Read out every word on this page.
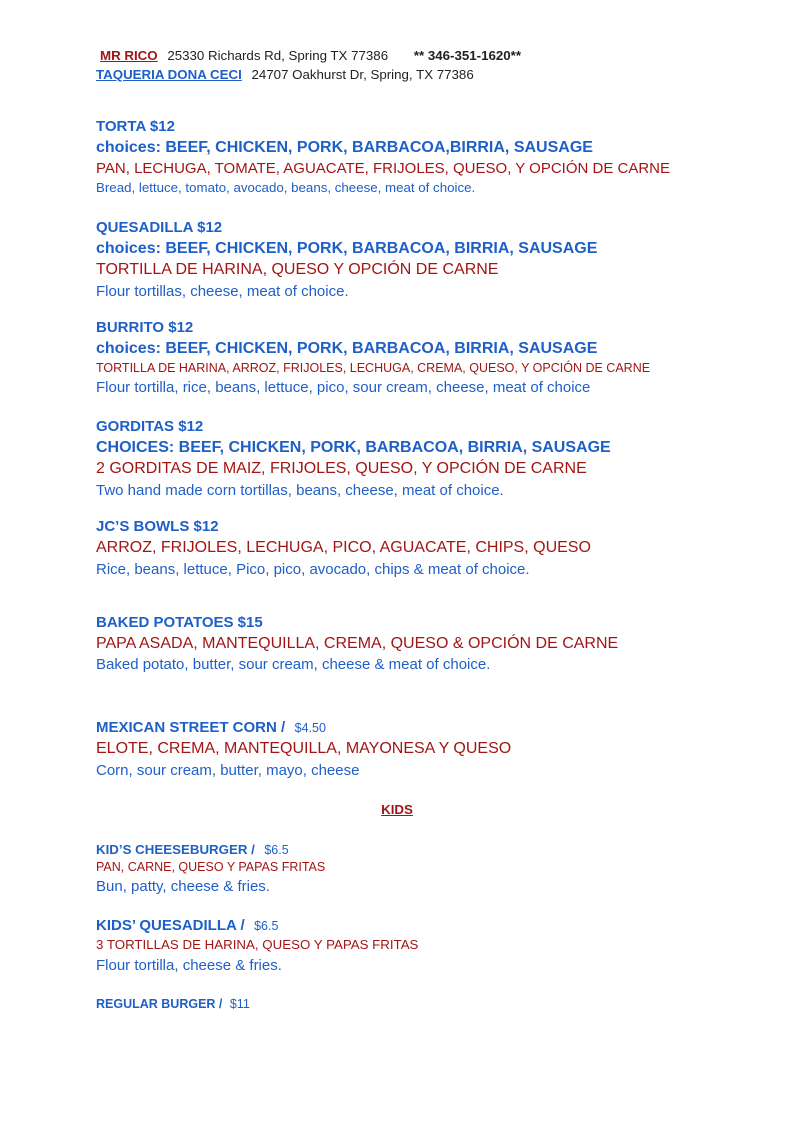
MR RICO 25330 Richards Rd, Spring TX 77386 ** 346-351-1620**
TAQUERIA DONA CECI 24707 Oakhurst Dr, Spring, TX 77386
TORTA $12
choices: BEEF, CHICKEN, PORK, BARBACOA,BIRRIA, SAUSAGE
PAN, LECHUGA, TOMATE, AGUACATE, FRIJOLES, QUESO, Y OPCIÓN DE CARNE
Bread, lettuce, tomato, avocado, beans, cheese, meat of choice.
QUESADILLA $12
choices: BEEF, CHICKEN, PORK, BARBACOA, BIRRIA, SAUSAGE
TORTILLA DE HARINA, QUESO Y OPCIÓN DE CARNE
Flour tortillas, cheese, meat of choice.
BURRITO $12
choices: BEEF, CHICKEN, PORK, BARBACOA, BIRRIA, SAUSAGE
TORTILLA DE HARINA, ARROZ, FRIJOLES, LECHUGA, CREMA, QUESO, Y OPCIÓN DE CARNE
Flour tortilla, rice, beans, lettuce, pico, sour cream, cheese, meat of choice
GORDITAS $12
CHOICES: BEEF, CHICKEN, PORK, BARBACOA, BIRRIA, SAUSAGE
2 GORDITAS DE MAIZ, FRIJOLES, QUESO, Y OPCIÓN DE CARNE
Two hand made corn tortillas, beans, cheese, meat of choice.
JC’S BOWLS $12
ARROZ, FRIJOLES, LECHUGA, PICO, AGUACATE, CHIPS, QUESO
Rice, beans, lettuce, Pico, pico, avocado, chips & meat of choice.
BAKED POTATOES $15
PAPA ASADA, MANTEQUILLA, CREMA, QUESO & OPCIÓN DE CARNE
Baked potato, butter, sour cream, cheese & meat of choice.
MEXICAN STREET CORN / $4.50
ELOTE, CREMA, MANTEQUILLA, MAYONESA Y QUESO
Corn, sour cream, butter, mayo, cheese
KIDS
KID’S CHEESEBURGER / $6.5
PAN, CARNE, QUESO Y PAPAS FRITAS
Bun, patty, cheese & fries.
KIDS’ QUESADILLA / $6.5
3 TORTILLAS DE HARINA, QUESO Y PAPAS FRITAS
Flour tortilla, cheese & fries.
REGULAR BURGER / $11
